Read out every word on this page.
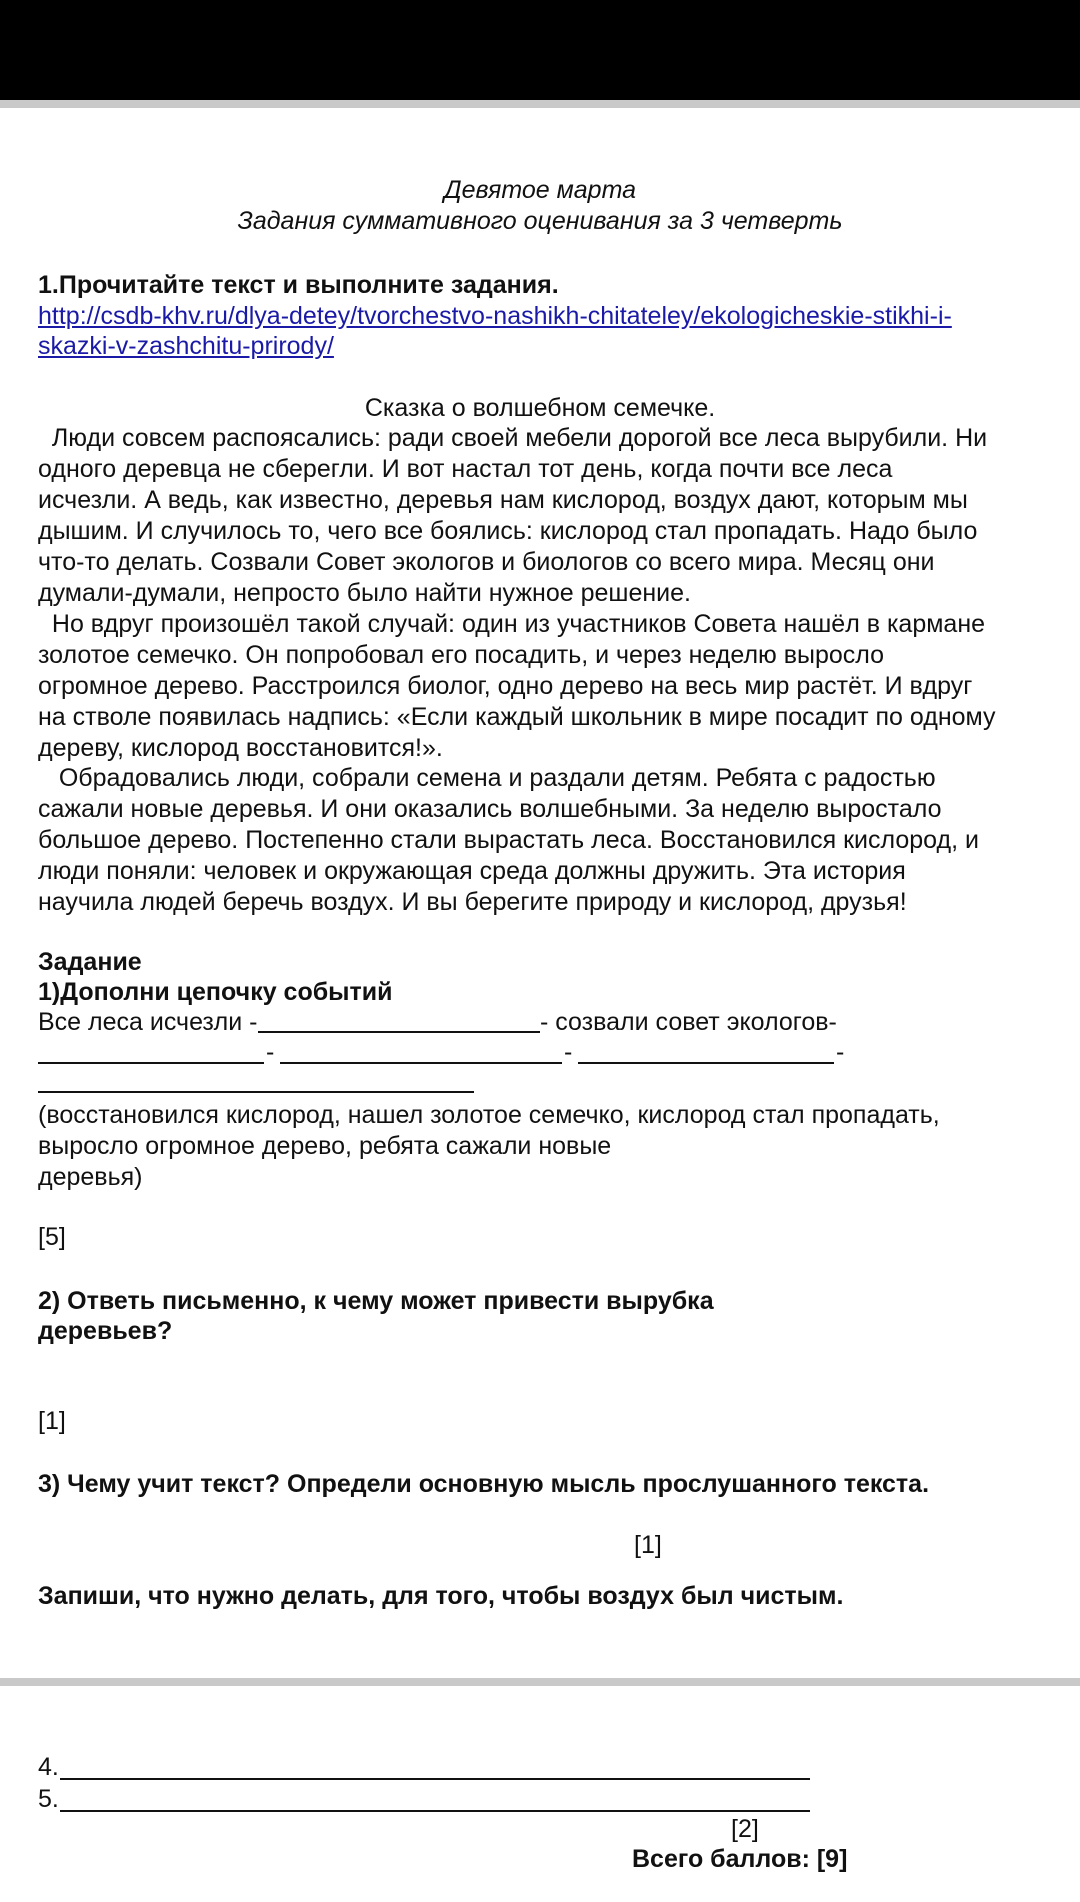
Девятое марта
Задания суммативного оценивания за 3 четверть
1.Прочитайте текст и выполните задания.
http://csdb-khv.ru/dlya-detey/tvorchestvo-nashikh-chitateley/ekologicheskie-stikhi-i-
skazki-v-zashchitu-prirody/
Сказка о волшебном семечке.
Люди совсем распоясались: ради своей мебели дорогой все леса вырубили. Ни
одного деревца не сберегли. И вот настал тот день, когда почти все леса
исчезли. А ведь, как известно, деревья нам кислород, воздух дают, которым мы
дышим. И случилось то, чего все боялись: кислород стал пропадать. Надо было
что-то делать. Созвали Совет экологов и биологов со всего мира. Месяц они
думали-думали, непросто было найти нужное решение.
Но вдруг произошёл такой случай: один из участников Совета нашёл в кармане
золотое семечко. Он попробовал его посадить, и через неделю выросло
огромное дерево. Расстроился биолог, одно дерево на весь мир растёт. И вдруг
на стволе появилась надпись: «Если каждый школьник в мире посадит по одному
дереву, кислород восстановится!».
Обрадовались люди, собрали семена и раздали детям. Ребята с радостью
сажали новые деревья. И они оказались волшебными. За неделю выростало
большое дерево. Постепенно стали вырастать леса. Восстановился кислород, и
люди поняли: человек и окружающая среда должны дружить. Эта история
научила людей беречь воздух. И вы берегите природу и кислород, друзья!
Задание
1)Дополни цепочку событий
Все леса исчезли -	- созвали совет экологов-
-	-	-
(восстановился кислород, нашел золотое семечко, кислород стал пропадать,
выросло огромное дерево, ребята сажали новые
деревья)
[5]
2) Ответь письменно, к чему может привести вырубка
деревьев?
[1]
3) Чему учит текст? Определи основную мысль прослушанного текста.
[1]
Запиши, что нужно делать, для того, чтобы воздух был чистым.
4.
5.
[2]
Всего баллов: [9]
